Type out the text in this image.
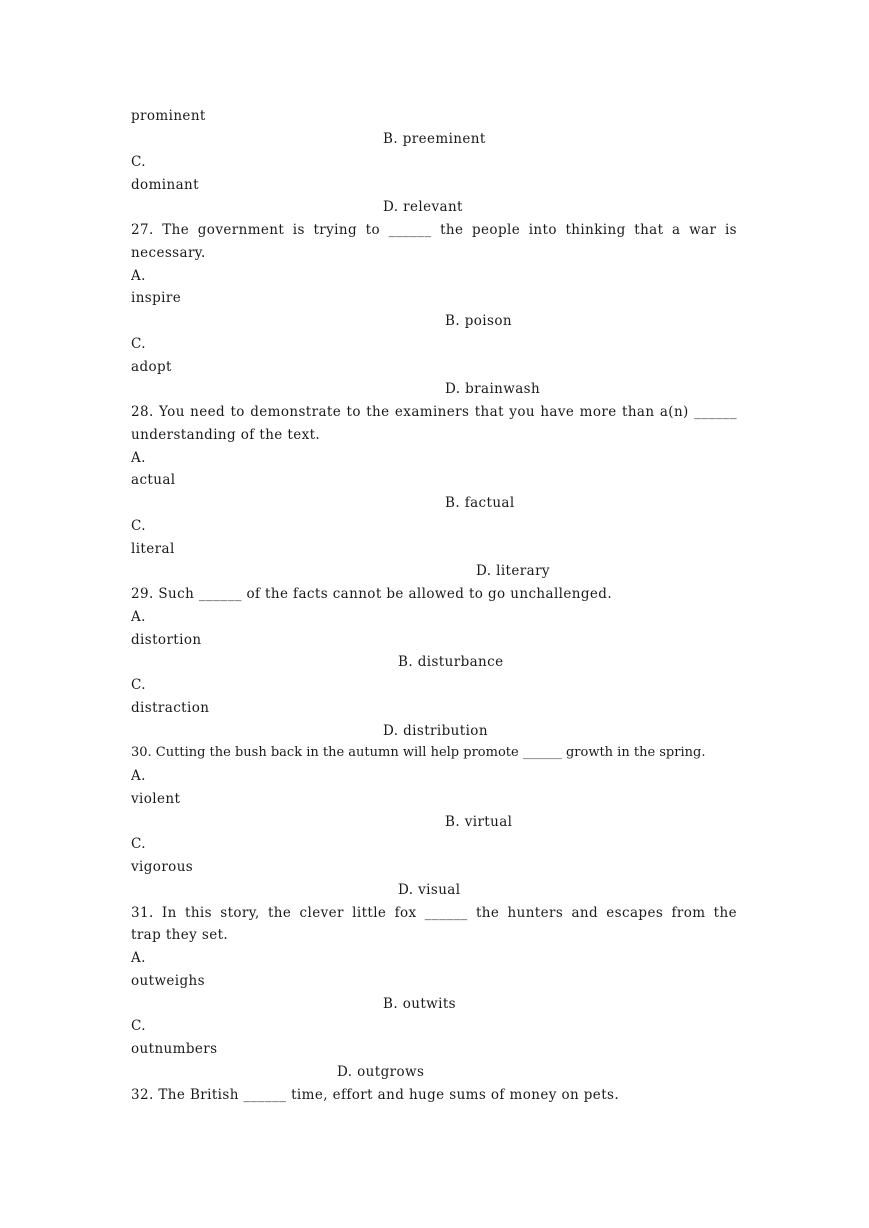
prominent
B. preeminent
C.
dominant
D. relevant
27. The government is trying to ______ the people into thinking that a war is
necessary.
A.
inspire
B. poison
C.
adopt
D. brainwash
28. You need to demonstrate to the examiners that you have more than a(n) ______
understanding of the text.
A.
actual
B. factual
C.
literal
D. literary
29. Such ______ of the facts cannot be allowed to go unchallenged.
A.
distortion
B. disturbance
C.
distraction
D. distribution
30. Cutting the bush back in the autumn will help promote ______ growth in the spring.
A.
violent
B. virtual
C.
vigorous
D. visual
31. In this story, the clever little fox ______ the hunters and escapes from the
trap they set.
A.
outweighs
B. outwits
C.
outnumbers
D. outgrows
32. The British ______ time, effort and huge sums of money on pets.
